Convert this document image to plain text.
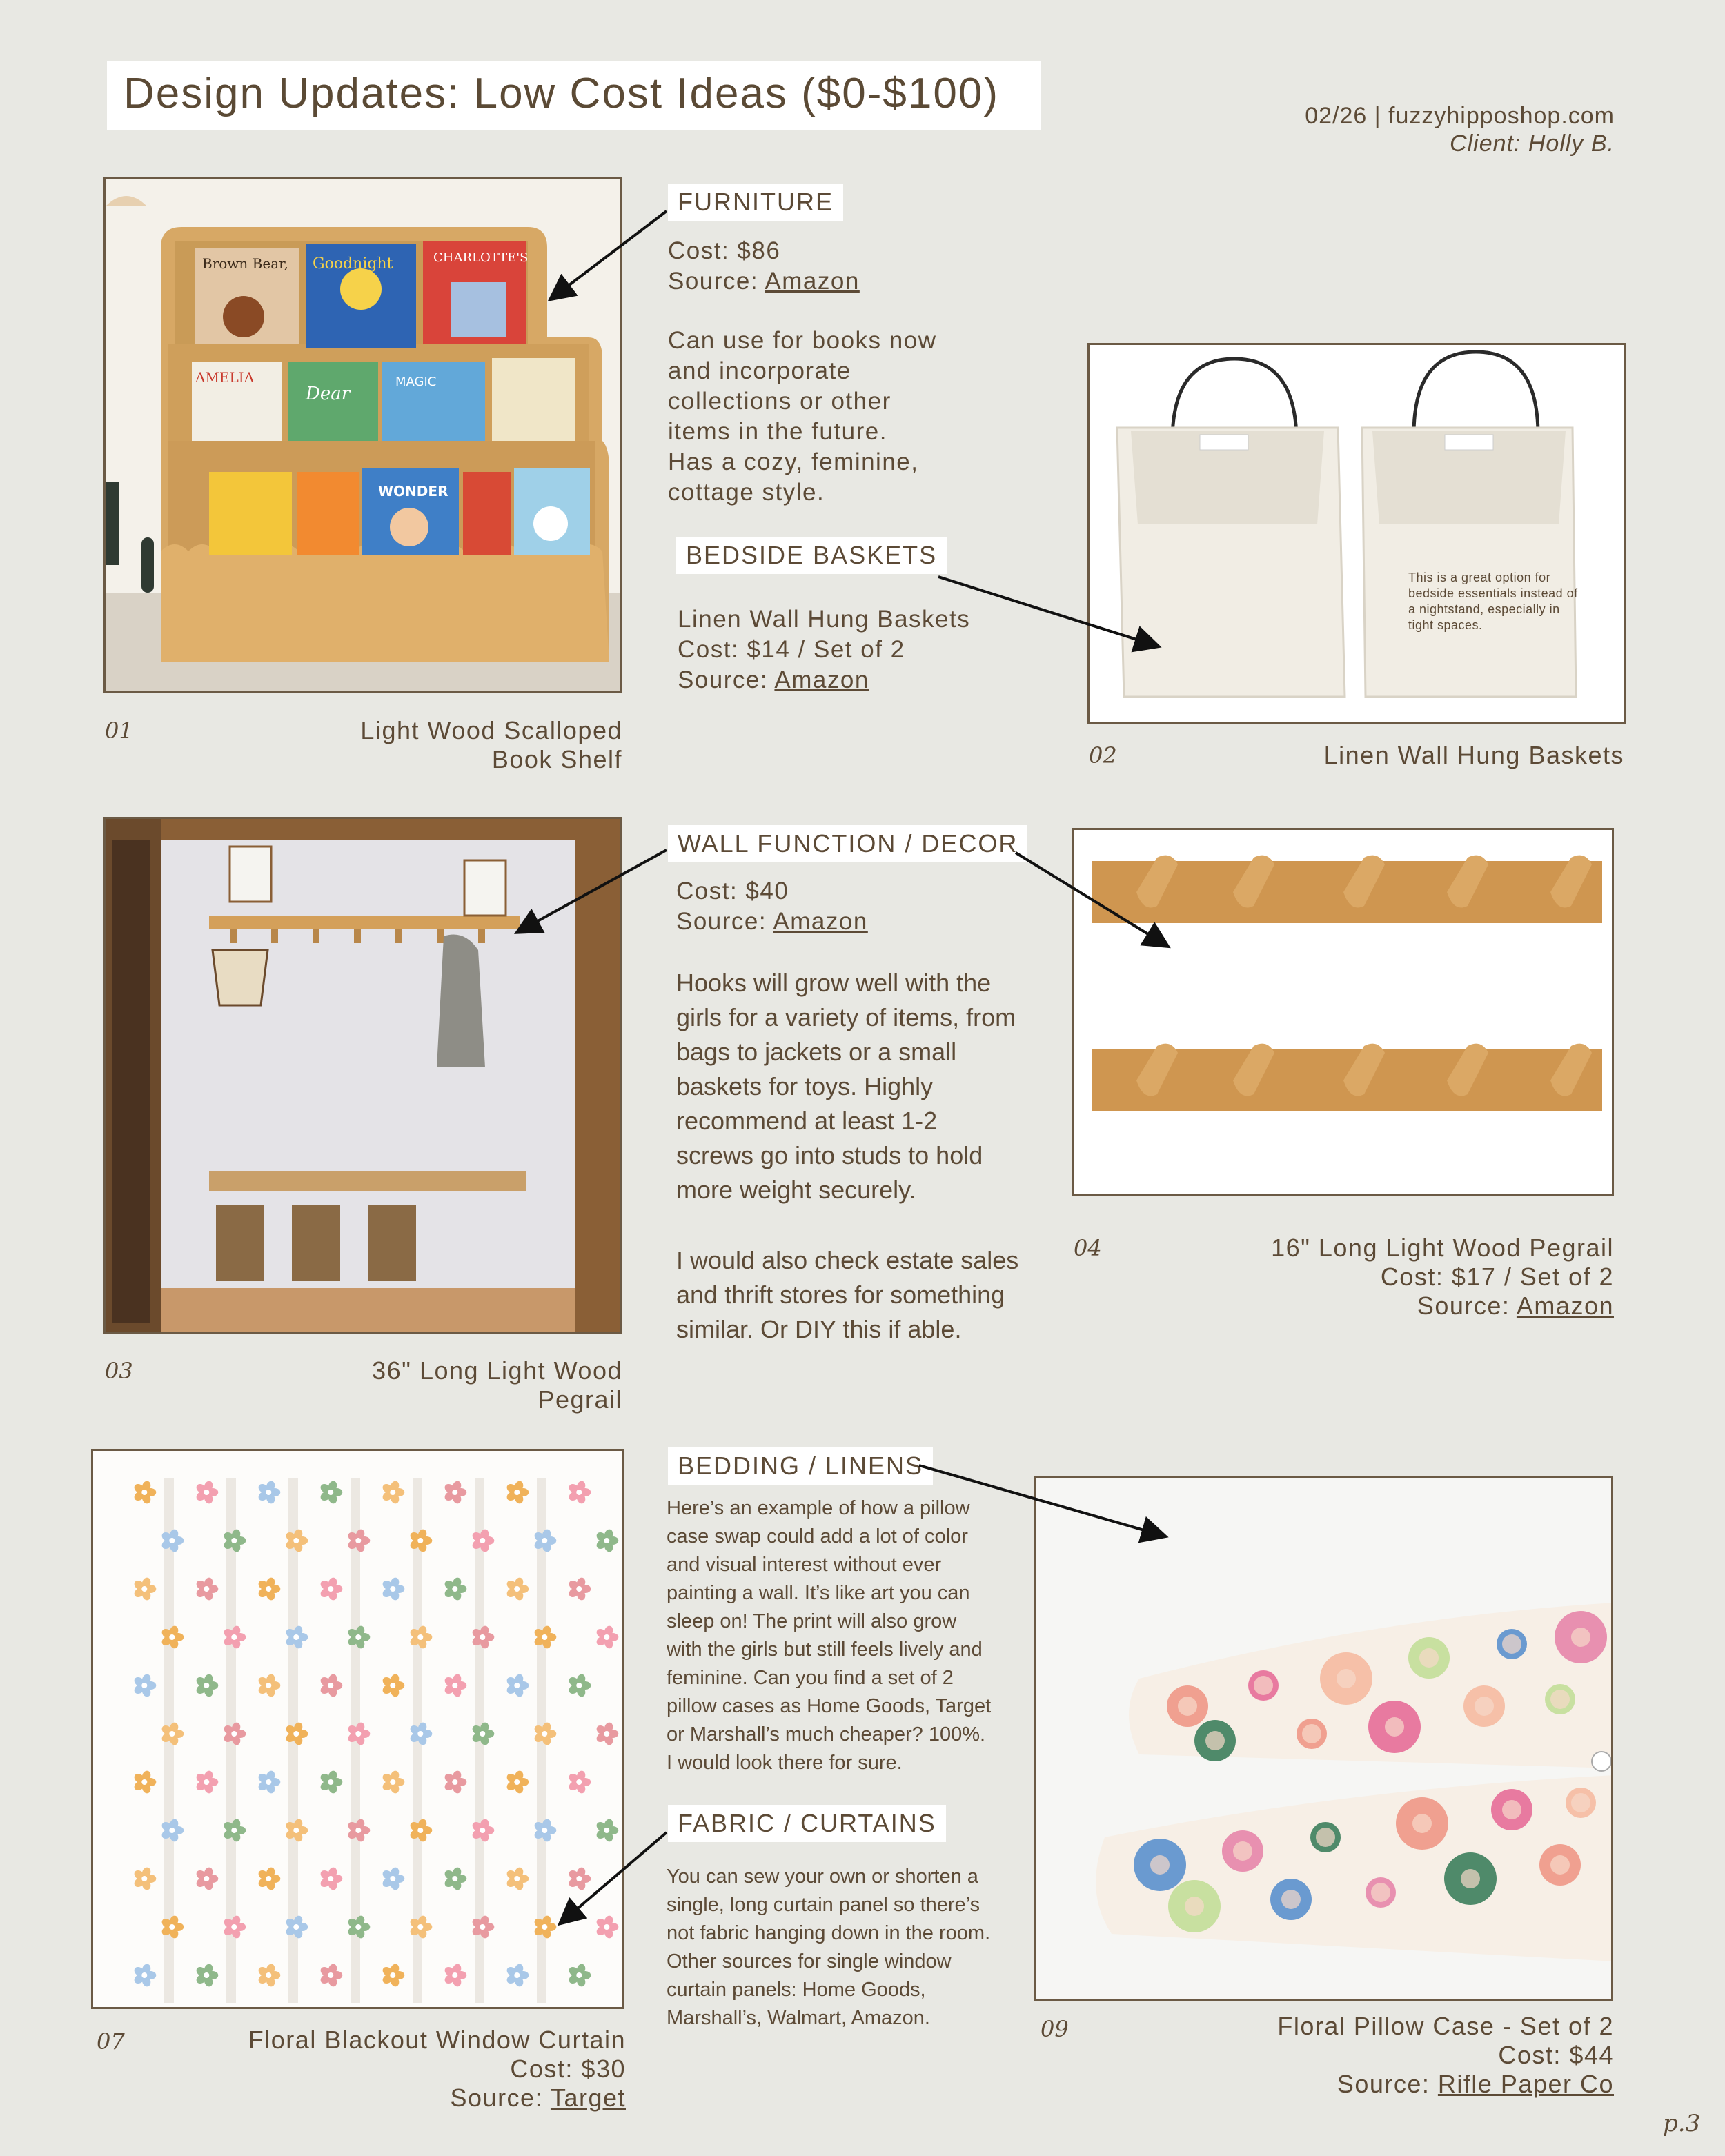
Design Updates: Low Cost Ideas ($0-$100)	02/26 | fuzzyhipposhop.com
Client: Holly B.
Brown Bear, Goodnight	CHARLOTTE'S
AMELIA
Dear
MAGIC
WONDER
01	Light Wood Scalloped
Book Shelf
FURNITURE
Cost: $86
Source: Amazon
Can use for books now
and incorporate
collections or other
items in the future.
Has a cozy, feminine,
cottage style.
BEDSIDE BASKETS
Linen Wall Hung Baskets
Cost: $14 / Set of 2
Source: Amazon
This is a great option for bedside essentials instead of a nightstand, especially in tight spaces.
02	Linen Wall Hung Baskets
03	36" Long Light Wood
Pegrail
WALL FUNCTION / DECOR
Cost: $40
Source: Amazon
Hooks will grow well with the
girls for a variety of items, from
bags to jackets or a small
baskets for toys. Highly
recommend at least 1-2
screws go into studs to hold
more weight securely.
I would also check estate sales
and thrift stores for something
similar. Or DIY this if able.
04	16" Long Light Wood Pegrail
Cost: $17 / Set of 2
Source: Amazon
07	Floral Blackout Window Curtain
Cost: $30
Source: Target
BEDDING / LINENS
Here’s an example of how a pillow
case swap could add a lot of color
and visual interest without ever
painting a wall. It’s like art you can
sleep on! The print will also grow
with the girls but still feels lively and
feminine. Can you find a set of 2
pillow cases as Home Goods, Target
or Marshall’s much cheaper? 100%.
I would look there for sure.
FABRIC / CURTAINS
You can sew your own or shorten a
single, long curtain panel so there’s
not fabric hanging down in the room.
Other sources for single window
curtain panels: Home Goods,
Marshall’s, Walmart, Amazon.	09	Floral Pillow Case - Set of 2
Cost: $44
Source: Rifle Paper Co
p.3
